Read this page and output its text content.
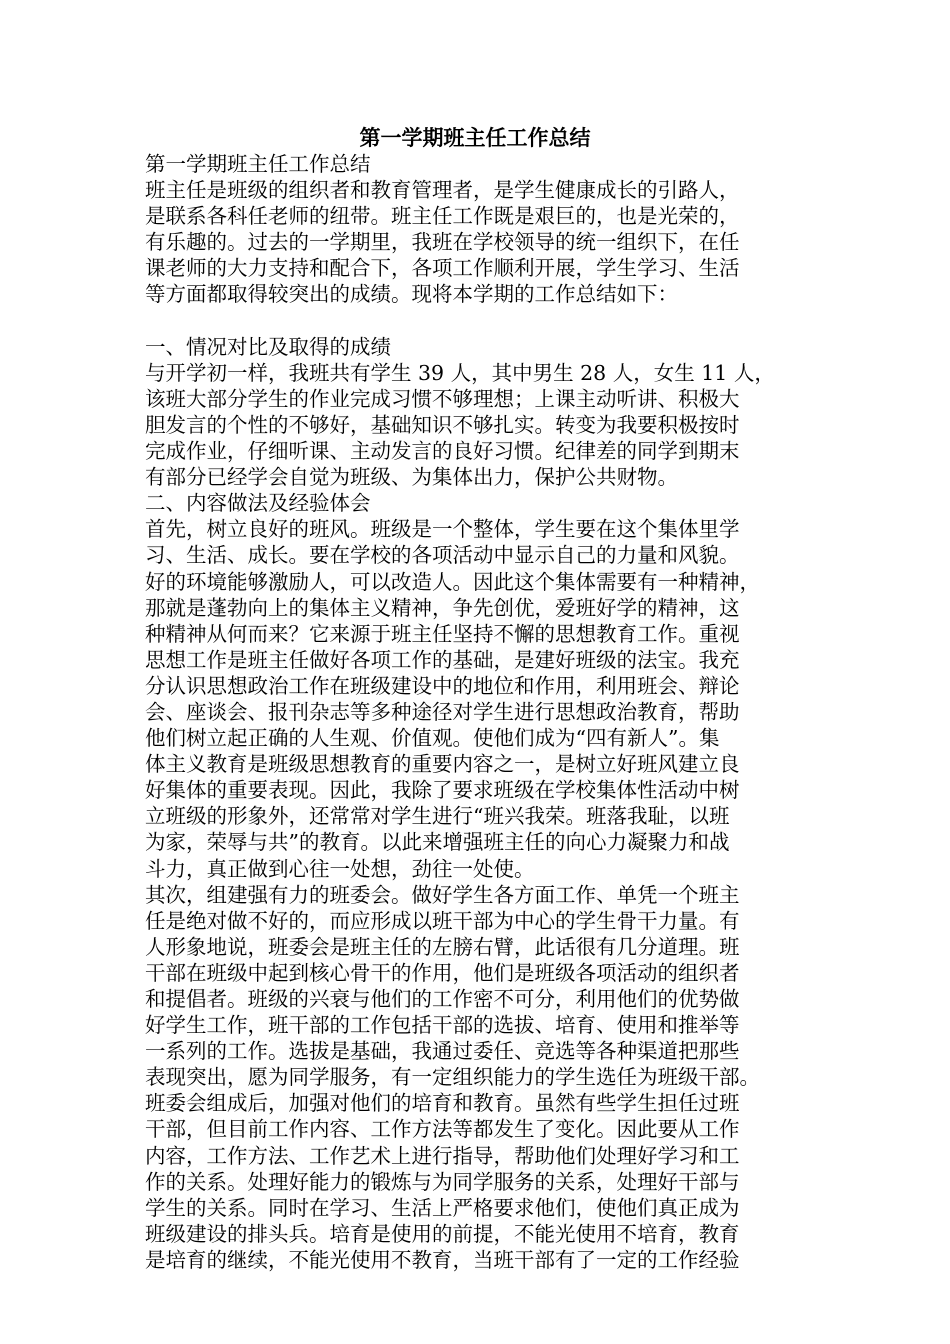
第一学期班主任工作总结
第一学期班主任工作总结
班主任是班级的组织者和教育管理者，是学生健康成长的引路人，
是联系各科任老师的纽带。班主任工作既是艰巨的，也是光荣的，
有乐趣的。过去的一学期里，我班在学校领导的统一组织下，在任
课老师的大力支持和配合下，各项工作顺利开展，学生学习、生活
等方面都取得较突出的成绩。现将本学期的工作总结如下：
一、情况对比及取得的成绩
与开学初一样，我班共有学生 39 人，其中男生 28 人，女生 11 人，
该班大部分学生的作业完成习惯不够理想；上课主动听讲、积极大
胆发言的个性的不够好，基础知识不够扎实。转变为我要积极按时
完成作业，仔细听课、主动发言的良好习惯。纪律差的同学到期末
有部分已经学会自觉为班级、为集体出力，保护公共财物。
二、内容做法及经验体会
首先，树立良好的班风。班级是一个整体，学生要在这个集体里学
习、生活、成长。要在学校的各项活动中显示自己的力量和风貌。
好的环境能够激励人，可以改造人。因此这个集体需要有一种精神，
那就是蓬勃向上的集体主义精神，争先创优，爱班好学的精神，这
种精神从何而来？它来源于班主任坚持不懈的思想教育工作。重视
思想工作是班主任做好各项工作的基础，是建好班级的法宝。我充
分认识思想政治工作在班级建设中的地位和作用，利用班会、辩论
会、座谈会、报刊杂志等多种途径对学生进行思想政治教育，帮助
他们树立起正确的人生观、价值观。使他们成为“四有新人”。集
体主义教育是班级思想教育的重要内容之一，是树立好班风建立良
好集体的重要表现。因此，我除了要求班级在学校集体性活动中树
立班级的形象外，还常常对学生进行“班兴我荣。班落我耻，以班
为家，荣辱与共”的教育。以此来增强班主任的向心力凝聚力和战
斗力，真正做到心往一处想，劲往一处使。
其次，组建强有力的班委会。做好学生各方面工作、单凭一个班主
任是绝对做不好的，而应形成以班干部为中心的学生骨干力量。有
人形象地说，班委会是班主任的左膀右臂，此话很有几分道理。班
干部在班级中起到核心骨干的作用，他们是班级各项活动的组织者
和提倡者。班级的兴衰与他们的工作密不可分，利用他们的优势做
好学生工作，班干部的工作包括干部的选拔、培育、使用和推举等
一系列的工作。选拔是基础，我通过委任、竞选等各种渠道把那些
表现突出，愿为同学服务，有一定组织能力的学生选任为班级干部。
班委会组成后，加强对他们的培育和教育。虽然有些学生担任过班
干部，但目前工作内容、工作方法等都发生了变化。因此要从工作
内容，工作方法、工作艺术上进行指导，帮助他们处理好学习和工
作的关系。处理好能力的锻炼与为同学服务的关系，处理好干部与
学生的关系。同时在学习、生活上严格要求他们，使他们真正成为
班级建设的排头兵。培育是使用的前提，不能光使用不培育，教育
是培育的继续，不能光使用不教育，当班干部有了一定的工作经验
